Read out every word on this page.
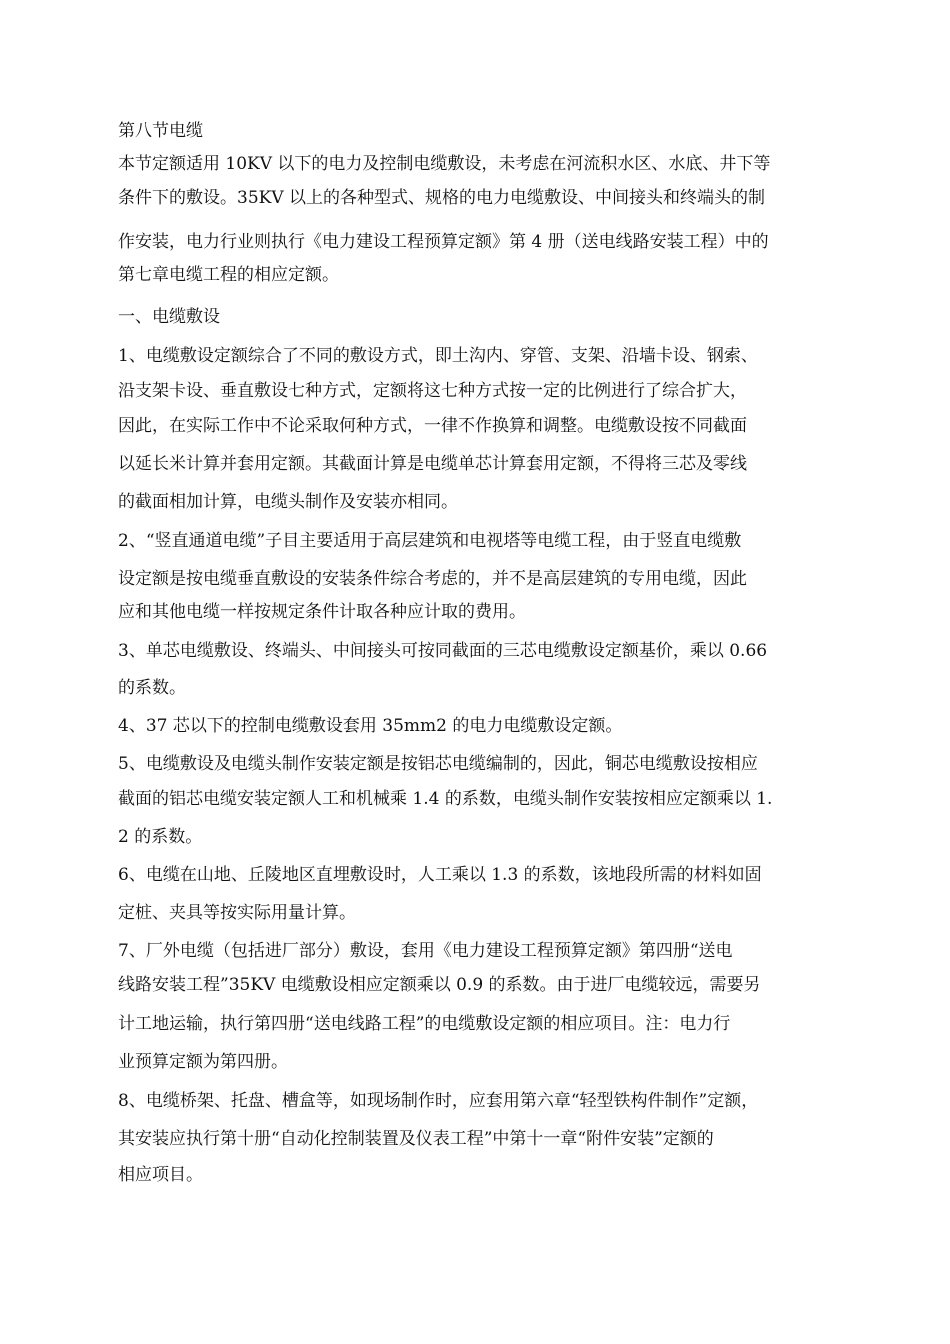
第八节电缆
本节定额适用 10KV 以下的电力及控制电缆敷设，未考虑在河流积水区、水底、井下等
条件下的敷设。35KV 以上的各种型式、规格的电力电缆敷设、中间接头和终端头的制
作安装，电力行业则执行《电力建设工程预算定额》第 4 册（送电线路安装工程）中的
第七章电缆工程的相应定额。
一、电缆敷设
1、电缆敷设定额综合了不同的敷设方式，即土沟内、穿管、支架、沿墙卡设、钢索、
沿支架卡设、垂直敷设七种方式，定额将这七种方式按一定的比例进行了综合扩大，
因此，在实际工作中不论采取何种方式，一律不作换算和调整。电缆敷设按不同截面
以延长米计算并套用定额。其截面计算是电缆单芯计算套用定额，不得将三芯及零线
的截面相加计算，电缆头制作及安装亦相同。
2、“竖直通道电缆”子目主要适用于高层建筑和电视塔等电缆工程，由于竖直电缆敷
设定额是按电缆垂直敷设的安装条件综合考虑的，并不是高层建筑的专用电缆，因此
应和其他电缆一样按规定条件计取各种应计取的费用。
3、单芯电缆敷设、终端头、中间接头可按同截面的三芯电缆敷设定额基价，乘以 0.66
的系数。
4、37 芯以下的控制电缆敷设套用 35mm2 的电力电缆敷设定额。
5、电缆敷设及电缆头制作安装定额是按铝芯电缆编制的，因此，铜芯电缆敷设按相应
截面的铝芯电缆安装定额人工和机械乘 1.4 的系数，电缆头制作安装按相应定额乘以 1.
2 的系数。
6、电缆在山地、丘陵地区直埋敷设时，人工乘以 1.3 的系数，该地段所需的材料如固
定桩、夹具等按实际用量计算。
7、厂外电缆（包括进厂部分）敷设，套用《电力建设工程预算定额》第四册“送电
线路安装工程”35KV 电缆敷设相应定额乘以 0.9 的系数。由于进厂电缆较远，需要另
计工地运输，执行第四册“送电线路工程”的电缆敷设定额的相应项目。注：电力行
业预算定额为第四册。
8、电缆桥架、托盘、槽盒等，如现场制作时，应套用第六章“轻型铁构件制作”定额，
其安装应执行第十册“自动化控制装置及仪表工程”中第十一章“附件安装”定额的
相应项目。
